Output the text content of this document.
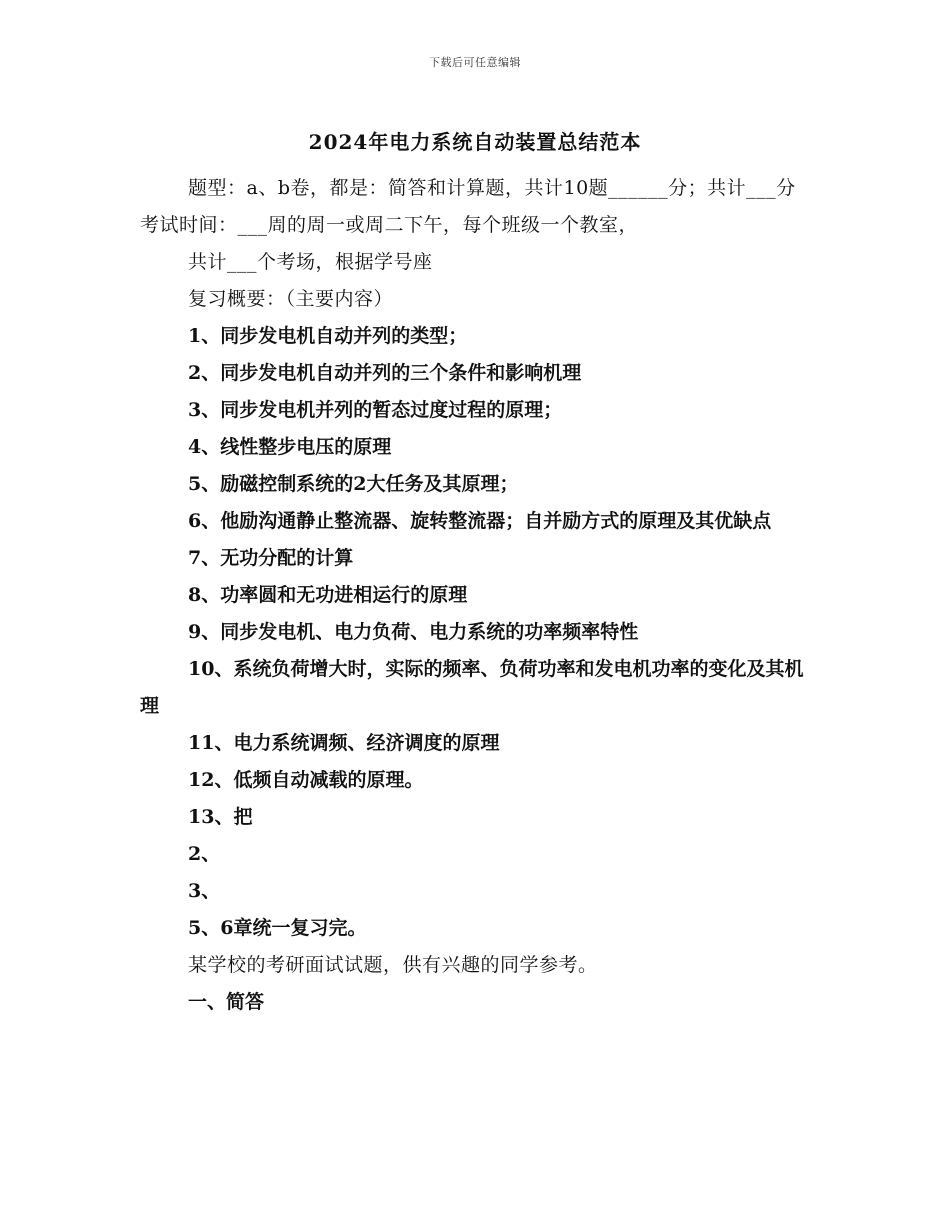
下载后可任意编辑
2024年电力系统自动装置总结范本

题型：a、b卷，都是：简答和计算题，共计10题______分；共计___分考试时间：___周的周一或周二下午，每个班级一个教室，

共计___个考场，根据学号座

复习概要：（主要内容）

1、同步发电机自动并列的类型；

2、同步发电机自动并列的三个条件和影响机理

3、同步发电机并列的暂态过度过程的原理；

4、线性整步电压的原理

5、励磁控制系统的2大任务及其原理；

6、他励沟通静止整流器、旋转整流器；自并励方式的原理及其优缺点

7、无功分配的计算

8、功率圆和无功进相运行的原理

9、同步发电机、电力负荷、电力系统的功率频率特性

10、系统负荷增大时，实际的频率、负荷功率和发电机功率的变化及其机理

11、电力系统调频、经济调度的原理

12、低频自动减载的原理。

13、把

2、

3、

5、6章统一复习完。

某学校的考研面试试题，供有兴趣的同学参考。

一、简答
